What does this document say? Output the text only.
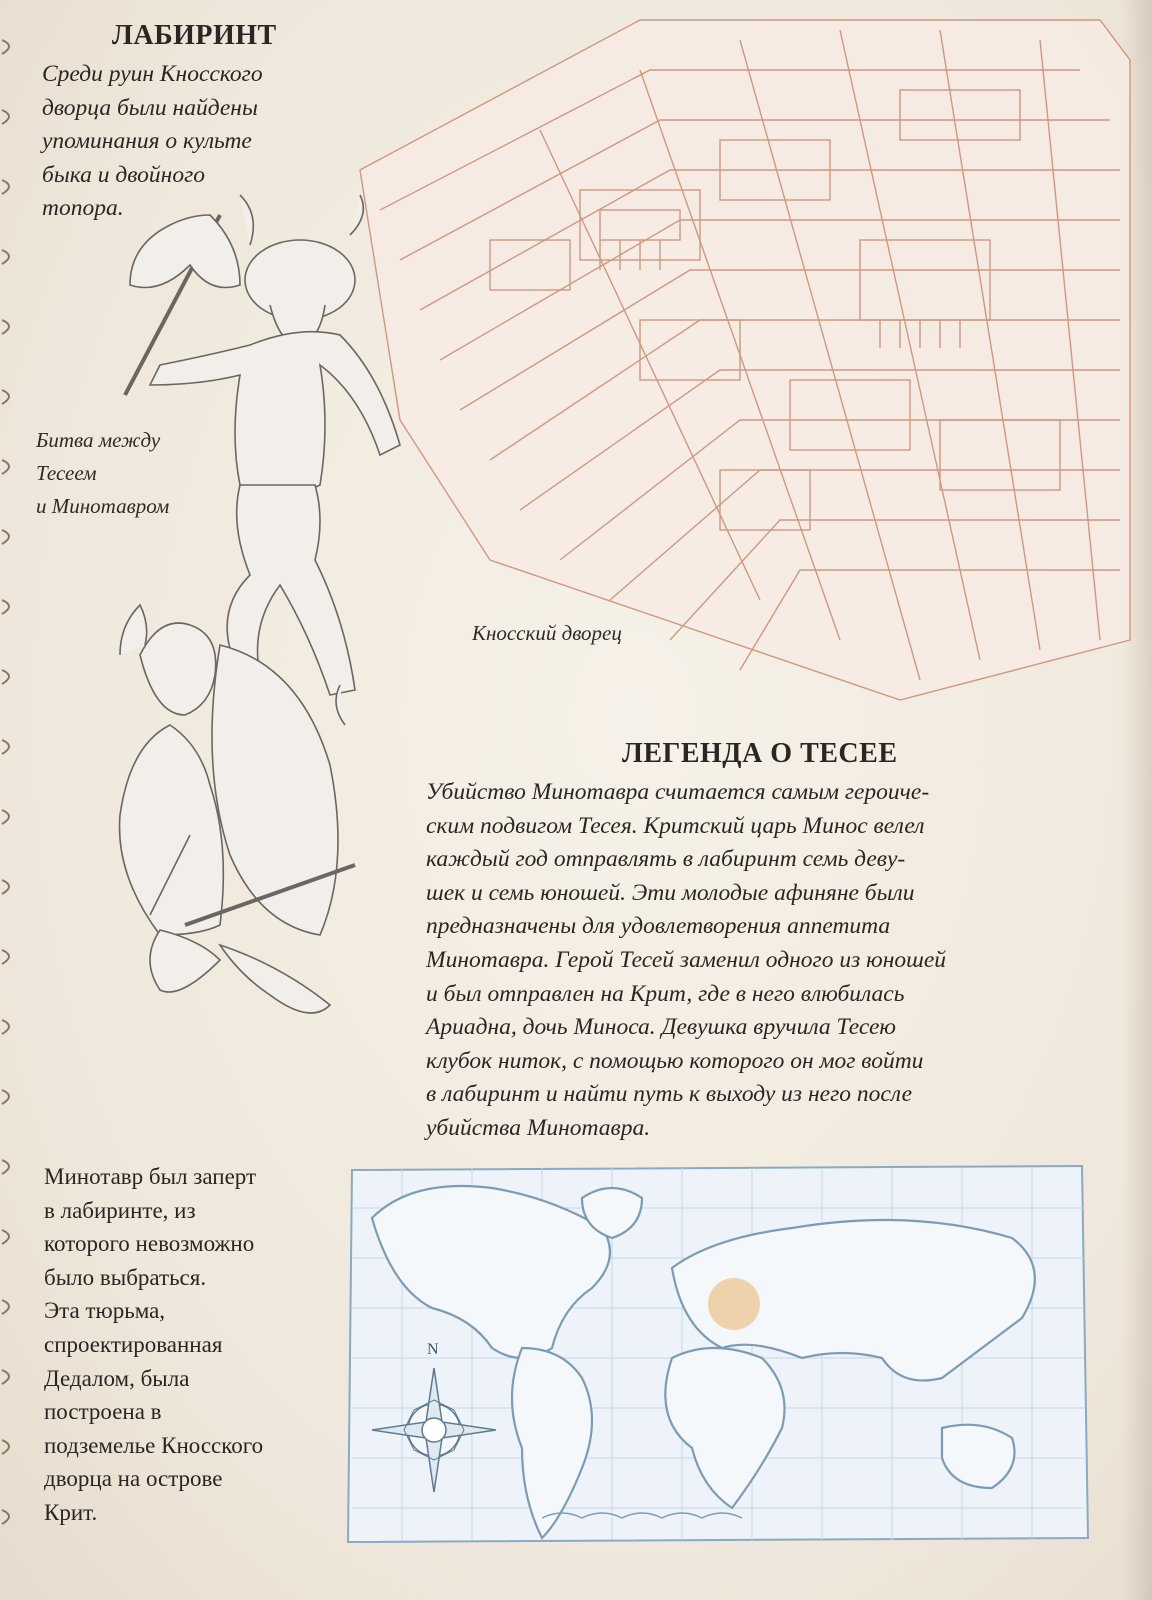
N
ЛАБИРИНТ

Среди руин Кносского
дворца были найдены
упоминания о культе
быка и двойного
топора.

Битва между
Тесеем
и Минотавром

Кносский дворец

ЛЕГЕНДА О ТЕСЕЕ

Убийство Минотавра считается самым героиче-
ским подвигом Тесея. Критский царь Минос велел
каждый год отправлять в лабиринт семь деву-
шек и семь юношей. Эти молодые афиняне были
предназначены для удовлетворения аппетита
Минотавра. Герой Тесей заменил одного из юношей
и был отправлен на Крит, где в него влюбилась
Ариадна, дочь Миноса. Девушка вручила Тесею
клубок ниток, с помощью которого он мог войти
в лабиринт и найти путь к выходу из него после
убийства Минотавра.

Минотавр был заперт
в лабиринте, из
которого невозможно
было выбраться.
Эта тюрьма,
спроектированная
Дедалом, была
построена в
подземелье Кносского
дворца на острове
Крит.
